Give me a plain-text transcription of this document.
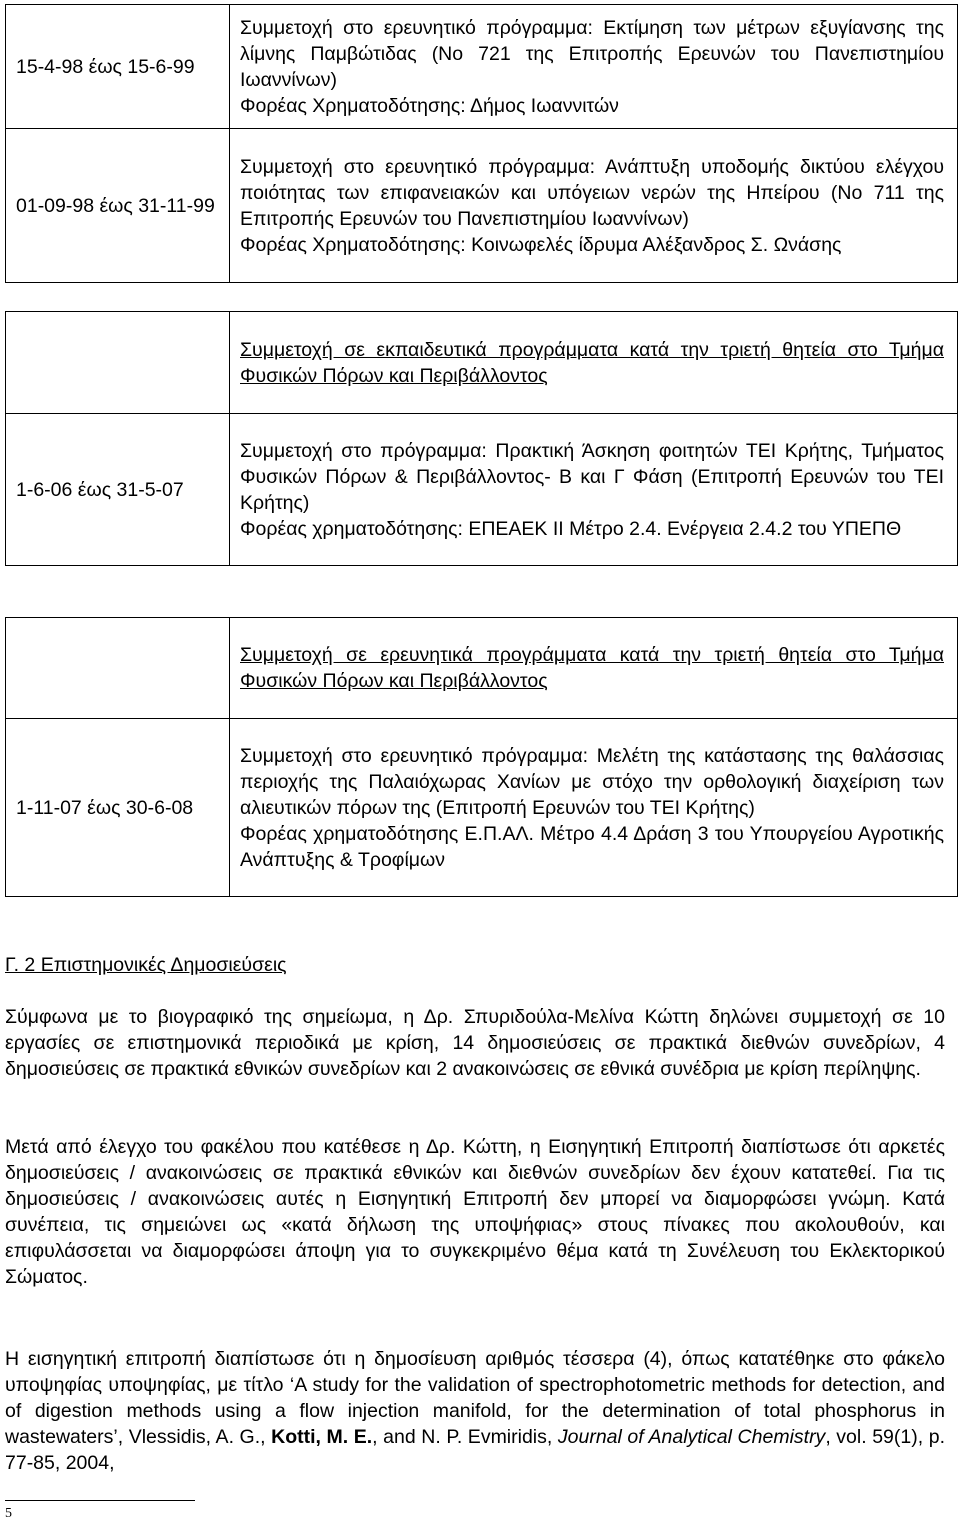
15-4-98 έως 15-6-99	Συμμετοχή στο ερευνητικό πρόγραμμα: Εκτίμηση των μέτρων εξυγίανσης της λίμνης Παμβώτιδας (Νο 721 της Επιτροπής Ερευνών του Πανεπιστημίου Ιωαννίνων)
Φορέας Χρηματοδότησης: Δήμος Ιωαννιτών

01-09-98 έως 31-11-99	Συμμετοχή στο ερευνητικό πρόγραμμα: Ανάπτυξη υποδομής δικτύου ελέγχου ποιότητας των επιφανειακών και υπόγειων νερών της Ηπείρου (Νο 711 της Επιτροπής Ερευνών του Πανεπιστημίου Ιωαννίνων)
Φορέας Χρηματοδότησης: Κοινωφελές ίδρυμα Αλέξανδρος Σ. Ωνάσης
	Συμμετοχή σε εκπαιδευτικά προγράμματα κατά την τριετή θητεία στο Τμήμα Φυσικών Πόρων και Περιβάλλοντος
1-6-06 έως 31-5-07	Συμμετοχή στο πρόγραμμα: Πρακτική Άσκηση φοιτητών ΤΕΙ Κρήτης, Τμήματος Φυσικών Πόρων & Περιβάλλοντος- Β και Γ Φάση (Επιτροπή Ερευνών του ΤΕΙ Κρήτης)
Φορέας χρηματοδότησης: ΕΠΕΑΕΚ ΙΙ Μέτρο 2.4. Ενέργεια 2.4.2 του ΥΠΕΠΘ
	Συμμετοχή σε ερευνητικά προγράμματα κατά την τριετή θητεία στο Τμήμα Φυσικών Πόρων και Περιβάλλοντος
1-11-07 έως 30-6-08	Συμμετοχή στο ερευνητικό πρόγραμμα: Μελέτη της κατάστασης της θαλάσσιας περιοχής της Παλαιόχωρας Χανίων με στόχο την ορθολογική διαχείριση των αλιευτικών πόρων της (Επιτροπή Ερευνών του ΤΕΙ Κρήτης)
Φορέας χρηματοδότησης Ε.Π.ΑΛ. Μέτρο 4.4 Δράση 3 του Υπουργείου Αγροτικής Ανάπτυξης & Τροφίμων
Γ. 2 Επιστημονικές Δημοσιεύσεις

Σύμφωνα με το βιογραφικό της σημείωμα, η Δρ. Σπυριδούλα-Μελίνα Κώττη δηλώνει συμμετοχή σε 10 εργασίες σε επιστημονικά περιοδικά με κρίση, 14 δημοσιεύσεις σε πρακτικά διεθνών συνεδρίων, 4 δημοσιεύσεις σε πρακτικά εθνικών συνεδρίων και 2 ανακοινώσεις σε εθνικά συνέδρια με κρίση περίληψης.

Μετά από έλεγχο του φακέλου που κατέθεσε η Δρ. Κώττη, η Εισηγητική Επιτροπή διαπίστωσε ότι αρκετές δημοσιεύσεις / ανακοινώσεις σε πρακτικά εθνικών και διεθνών συνεδρίων δεν έχουν κατατεθεί. Για τις δημοσιεύσεις / ανακοινώσεις αυτές η Εισηγητική Επιτροπή δεν μπορεί να διαμορφώσει γνώμη. Κατά συνέπεια, τις σημειώνει ως «κατά δήλωση της υποψήφιας» στους πίνακες που ακολουθούν, και επιφυλάσσεται να διαμορφώσει άποψη για το συγκεκριμένο θέμα κατά τη Συνέλευση του Εκλεκτορικού Σώματος.

Η εισηγητική επιτροπή διαπίστωσε ότι η δημοσίευση αριθμός τέσσερα (4), όπως κατατέθηκε στο φάκελο υποψηφίας υποψηφίας, με τίτλο ‘A study for the validation of spectrophotometric methods for detection, and of digestion methods using a flow injection manifold, for the determination of total phosphorus in wastewaters’, Vlessidis, A. G., Kotti, M. E., and N. P. Evmiridis, Journal of Analytical Chemistry, vol. 59(1), p. 77-85, 2004,

5
